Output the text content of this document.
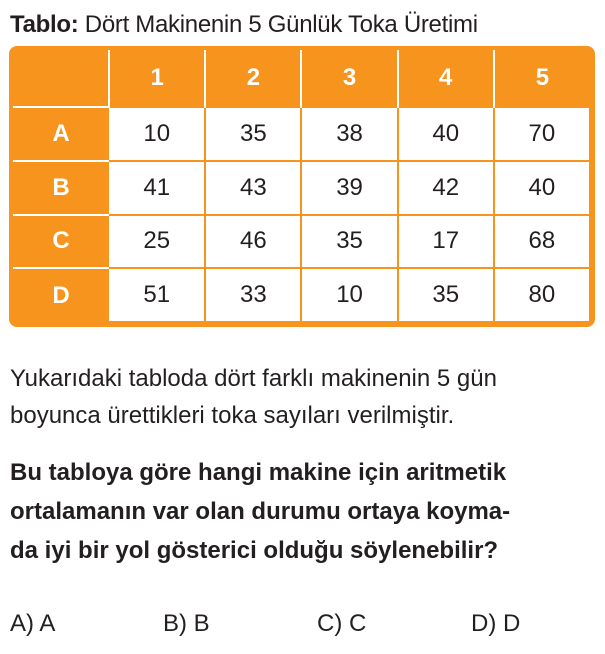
Tablo: Dört Makinenin 5 Günlük Toka Üretimi
	1	2	3	4	5
A	10	35	38	40	70
B	41	43	39	42	40
C	25	46	35	17	68
D	51	33	10	35	80
Yukarıdaki tabloda dört farklı makinenin 5 gün
boyunca ürettikleri toka sayıları verilmiştir.
Bu tabloya göre hangi makine için aritmetik
ortalamanın var olan durumu ortaya koyma-
da iyi bir yol gösterici olduğu söylenebilir?
A) A	B) B	C) C	D) D
